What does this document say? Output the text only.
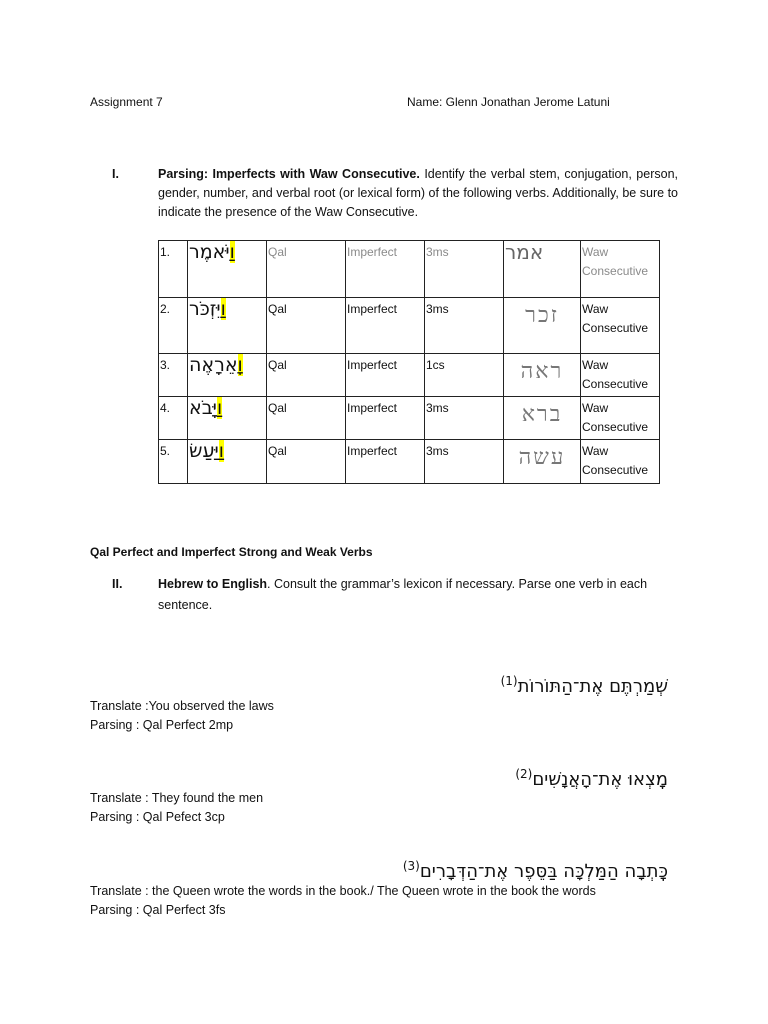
Assignment 7	Name: Glenn Jonathan Jerome Latuni
I.	Parsing: Imperfects with Waw Consecutive. Identify the verbal stem, conjugation, person, gender, number, and verbal root (or lexical form) of the following verbs. Additionally, be sure to indicate the presence of the Waw Consecutive.
1.	וַיֹּאמֶר	Qal	Imperfect	3ms	אמר	Waw Consecutive
2.	וַיִּזְכֹּר	Qal	Imperfect	3ms	זכר	Waw Consecutive
3.	וָאֵרָאֶה	Qal	Imperfect	1cs	ראה	Waw Consecutive
4.	וַיָּבֹא	Qal	Imperfect	3ms	ברא	Waw Consecutive
5.	וַיַּעַשׂ	Qal	Imperfect	3ms	עשה	Waw Consecutive
Qal Perfect and Imperfect Strong and Weak Verbs
II.	Hebrew to English. Consult the grammar’s lexicon if necessary. Parse one verb in each sentence.
שְׁמַרְתֶּם אֶת־הַתּוֹרוֹת$^{(1)}$
Translate :You observed the laws
Parsing : Qal Perfect 2mp
מָֽצְאוּ אֶת־הָאֲנָשִׁים$^{(2)}$
Translate : They found the men
Parsing : Qal Pefect 3cp
כָּֽתְבָה הַמַּלְכָּה בַּסֵּפֶר אֶת־הַדְּבָרִים$^{(3)}$
Translate : the Queen wrote the words in the book./ The Queen wrote in the book the words
Parsing : Qal Perfect 3fs
